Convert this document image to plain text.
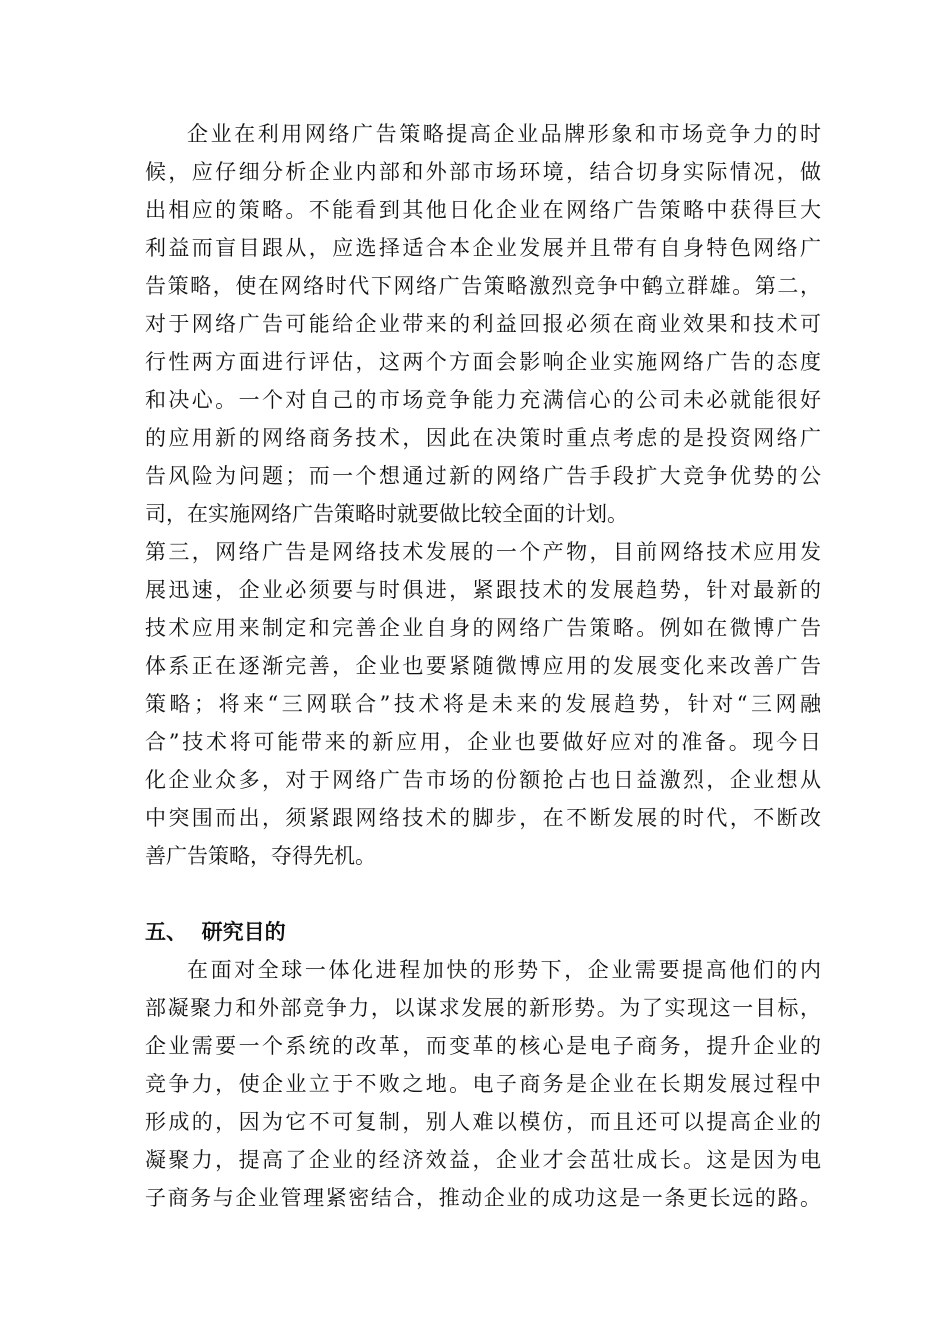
企业在利用网络广告策略提高企业品牌形象和市场竞争力的时
候，应仔细分析企业内部和外部市场环境，结合切身实际情况，做
出相应的策略。不能看到其他日化企业在网络广告策略中获得巨大
利益而盲目跟从，应选择适合本企业发展并且带有自身特色网络广
告策略，使在网络时代下网络广告策略激烈竞争中鹤立群雄。第二，
对于网络广告可能给企业带来的利益回报必须在商业效果和技术可
行性两方面进行评估，这两个方面会影响企业实施网络广告的态度
和决心。一个对自己的市场竞争能力充满信心的公司未必就能很好
的应用新的网络商务技术，因此在决策时重点考虑的是投资网络广
告风险为问题；而一个想通过新的网络广告手段扩大竞争优势的公
司，在实施网络广告策略时就要做比较全面的计划。
第三，网络广告是网络技术发展的一个产物，目前网络技术应用发
展迅速，企业必须要与时俱进，紧跟技术的发展趋势，针对最新的
技术应用来制定和完善企业自身的网络广告策略。例如在微博广告
体系正在逐渐完善，企业也要紧随微博应用的发展变化来改善广告
策略；将来“三网联合”技术将是未来的发展趋势，针对“三网融
合”技术将可能带来的新应用，企业也要做好应对的准备。现今日
化企业众多，对于网络广告市场的份额抢占也日益激烈，企业想从
中突围而出，须紧跟网络技术的脚步，在不断发展的时代，不断改
善广告策略，夺得先机。
五、  研究目的
在面对全球一体化进程加快的形势下，企业需要提高他们的内
部凝聚力和外部竞争力，以谋求发展的新形势。为了实现这一目标，
企业需要一个系统的改革，而变革的核心是电子商务，提升企业的
竞争力，使企业立于不败之地。电子商务是企业在长期发展过程中
形成的，因为它不可复制，别人难以模仿，而且还可以提高企业的
凝聚力，提高了企业的经济效益，企业才会茁壮成长。这是因为电
子商务与企业管理紧密结合，推动企业的成功这是一条更长远的路。
